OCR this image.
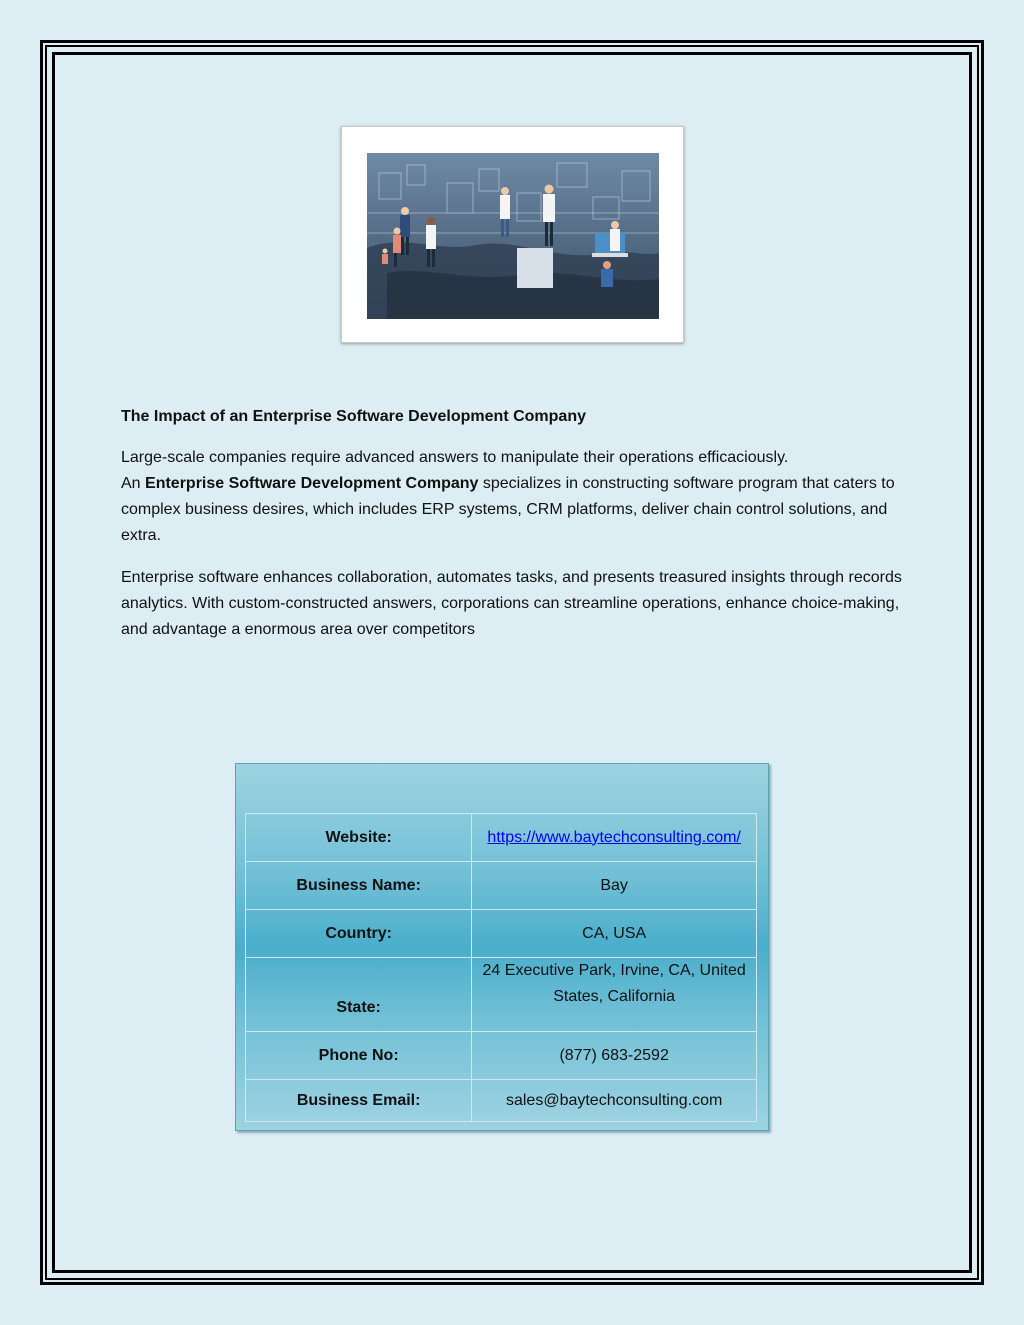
The Impact of an Enterprise Software Development Company

Large-scale companies require advanced answers to manipulate their operations efficaciously.
An Enterprise Software Development Company specializes in constructing software program that caters to complex business desires, which includes ERP systems, CRM platforms, deliver chain control solutions, and extra.

Enterprise software enhances collaboration, automates tasks, and presents treasured insights through records analytics. With custom-constructed answers, corporations can streamline operations, enhance choice-making, and advantage a enormous area over competitors

Website:	https://www.baytechconsulting.com/
Business Name:	Bay
Country:	CA, USA
State:	24 Executive Park, Irvine, CA, United States, California
Phone No:	(877) 683-2592
Business Email:	sales@baytechconsulting.com
